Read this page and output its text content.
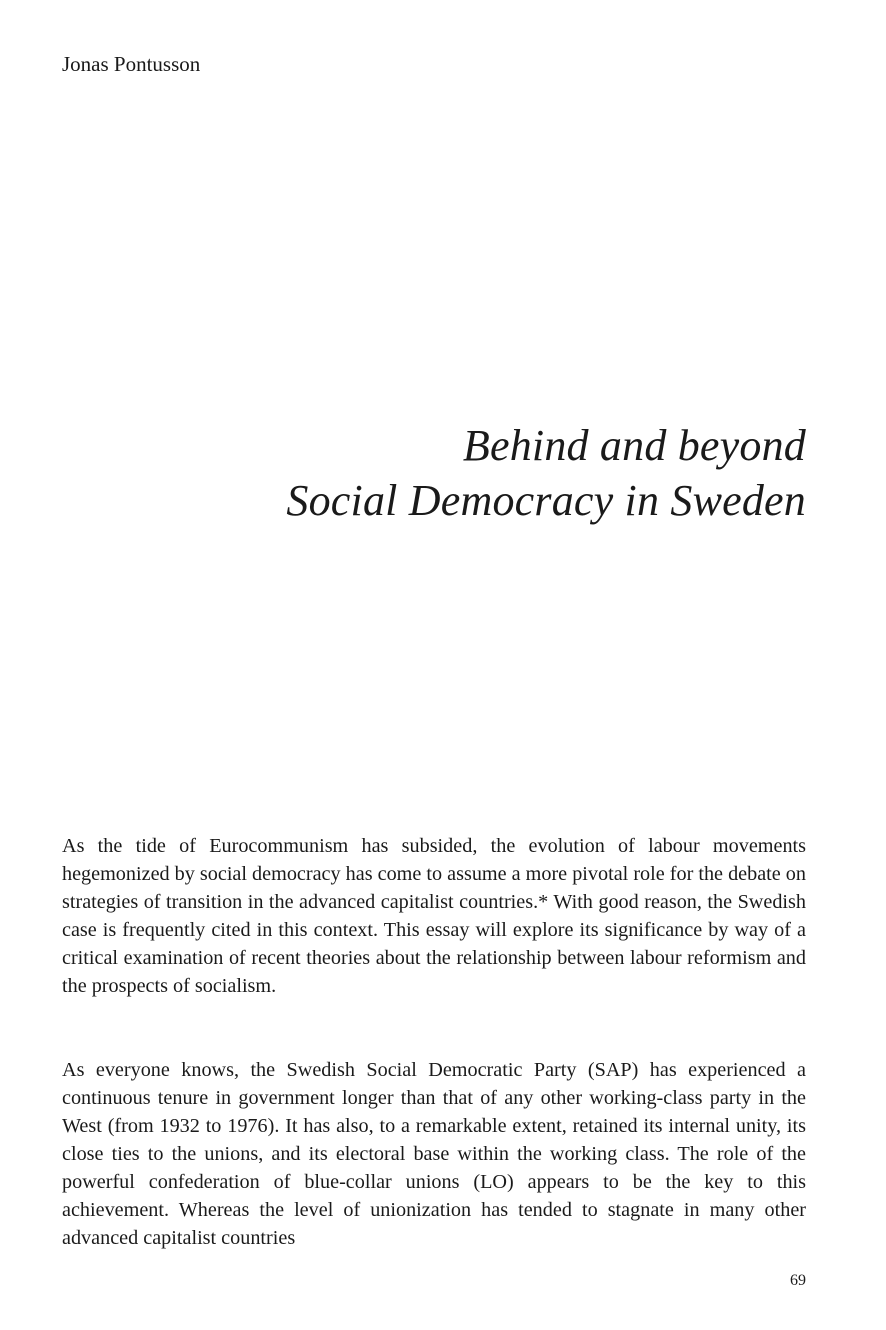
Jonas Pontusson

Behind and beyond
Social Democracy in Sweden

As the tide of Eurocommunism has subsided, the evolution of labour movements hegemonized by social democracy has come to assume a more pivotal role for the debate on strategies of transition in the advanced capitalist countries.* With good reason, the Swedish case is frequently cited in this context. This essay will explore its significance by way of a critical examination of recent theories about the relationship between labour reformism and the prospects of socialism.

As everyone knows, the Swedish Social Democratic Party (SAP) has experienced a continuous tenure in government longer than that of any other working-class party in the West (from 1932 to 1976). It has also, to a remarkable extent, retained its internal unity, its close ties to the unions, and its electoral base within the working class. The role of the powerful confederation of blue-collar unions (LO) appears to be the key to this achievement. Whereas the level of unionization has tended to stagnate in many other advanced capitalist countries

69
